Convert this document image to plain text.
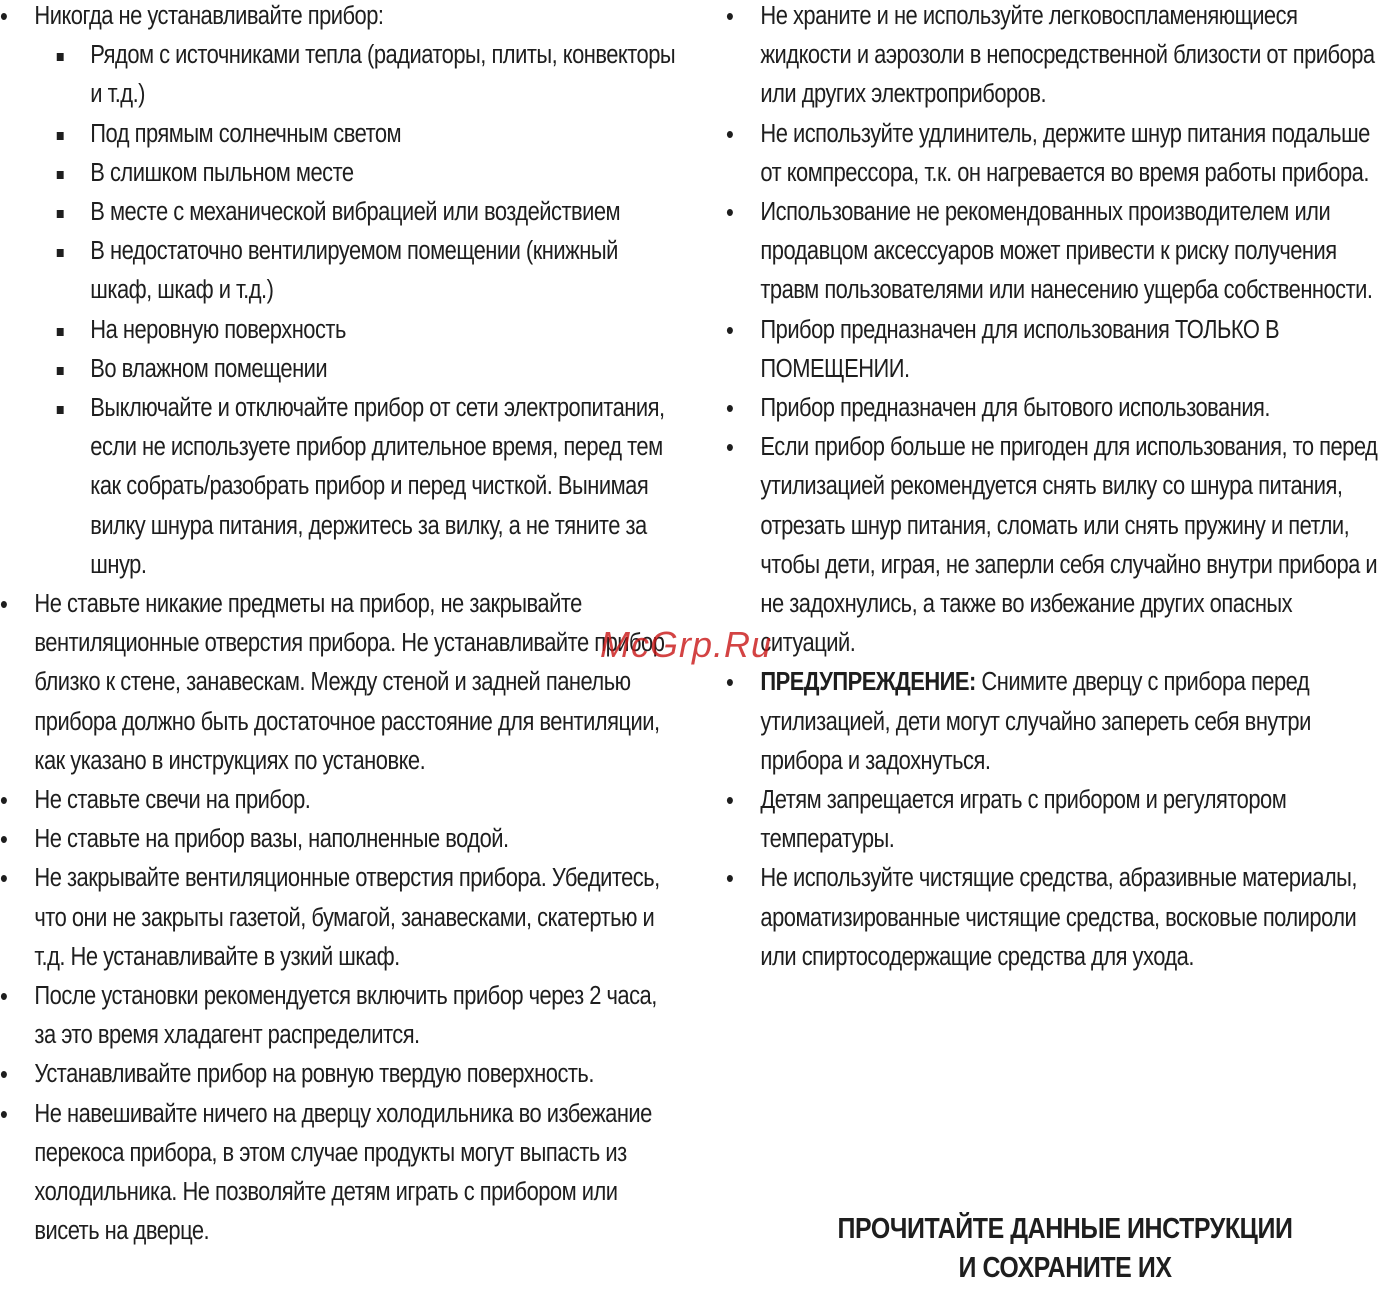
• Никогда не устанавливайте прибор:
Рядом с источниками тепла (радиаторы, плиты, конвекторы и т.д.)
Под прямым солнечным светом
В слишком пыльном месте
В месте с механической вибрацией или воздействием
В недостаточно вентилируемом помещении (книжный шкаф, шкаф и т.д.)
На неровную поверхность
Во влажном помещении
Выключайте и отключайте прибор от сети электропитания, если не используете прибор длительное время, перед тем как собрать/разобрать прибор и перед чисткой. Вынимая вилку шнура питания, держитесь за вилку, а не тяните за шнур.
• Не ставьте никакие предметы на прибор, не закрывайте вентиляционные отверстия прибора. Не устанавливайте прибор близко к стене, занавескам. Между стеной и задней панелью прибора должно быть достаточное расстояние для вентиляции, как указано в инструкциях по установке.
• Не ставьте свечи на прибор.
• Не ставьте на прибор вазы, наполненные водой.
• Не закрывайте вентиляционные отверстия прибора. Убедитесь, что они не закрыты газетой, бумагой, занавесками, скатертью и т.д. Не устанавливайте в узкий шкаф.
• После установки рекомендуется включить прибор через 2 часа, за это время хладагент распределится.
• Устанавливайте прибор на ровную твердую поверхность.
• Не навешивайте ничего на дверцу холодильника во избежание перекоса прибора, в этом случае продукты могут выпасть из холодильника. Не позволяйте детям играть с прибором или висеть на дверце.
• Не храните и не используйте легковоспламеняющиеся жидкости и аэрозоли в непосредственной близости от прибора или других электроприборов.
• Не используйте удлинитель, держите шнур питания подальше от компрессора, т.к. он нагревается во время работы прибора.
• Использование не рекомендованных производителем или продавцом аксессуаров может привести к риску получения травм пользователями или нанесению ущерба собственности.
• Прибор предназначен для использования ТОЛЬКО В ПОМЕЩЕНИИ.
• Прибор предназначен для бытового использования.
• Если прибор больше не пригоден для использования, то перед утилизацией рекомендуется снять вилку со шнура питания, отрезать шнур питания, сломать или снять пружину и петли, чтобы дети, играя, не заперли себя случайно внутри прибора и не задохнулись, а также во избежание других опасных ситуаций.
• ПРЕДУПРЕЖДЕНИЕ: Снимите дверцу с прибора перед утилизацией, дети могут случайно запереть себя внутри прибора и задохнуться.
• Детям запрещается играть с прибором и регулятором температуры.
• Не используйте чистящие средства, абразивные материалы, ароматизированные чистящие средства, восковые полироли или спиртосодержащие средства для ухода.
ПРОЧИТАЙТЕ ДАННЫЕ ИНСТРУКЦИИ
И СОХРАНИТЕ ИХ
McGrp.Ru
